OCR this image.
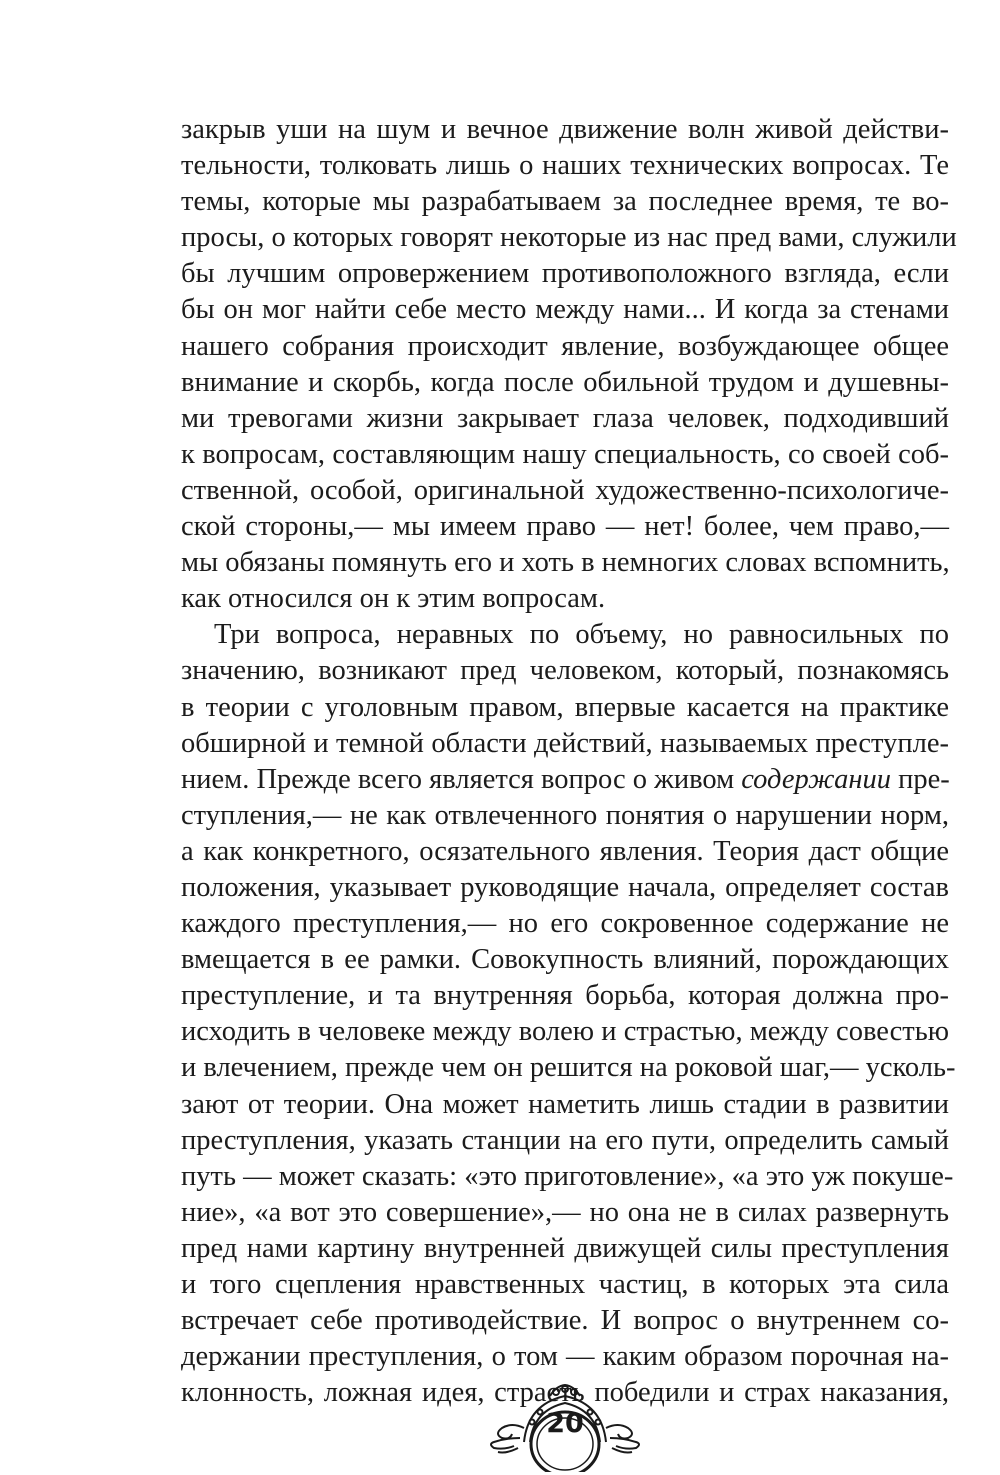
закрыв уши на шум и вечное движение волн живой действи-
тельности, толковать лишь о наших технических вопросах. Те
темы, которые мы разрабатываем за последнее время, те во-
просы, о которых говорят некоторые из нас пред вами, служили
бы лучшим опровержением противоположного взгляда, если
бы он мог найти себе место между нами... И когда за стенами
нашего собрания происходит явление, возбуждающее общее
внимание и скорбь, когда после обильной трудом и душевны-
ми тревогами жизни закрывает глаза человек, подходивший
к вопросам, составляющим нашу специальность, со своей соб-
ственной, особой, оригинальной художественно-психологиче-
ской стороны,— мы имеем право — нет! более, чем право,—
мы обязаны помянуть его и хоть в немногих словах вспомнить,
как относился он к этим вопросам.
Три вопроса, неравных по объему, но равносильных по
значению, возникают пред человеком, который, познакомясь
в теории с уголовным правом, впервые касается на практике
обширной и темной области действий, называемых преступле-
нием. Прежде всего является вопрос о живом содержании пре-
ступления,— не как отвлеченного понятия о нарушении норм,
а как конкретного, осязательного явления. Теория даст общие
положения, указывает руководящие начала, определяет состав
каждого преступления,— но его сокровенное содержание не
вмещается в ее рамки. Совокупность влияний, порождающих
преступление, и та внутренняя борьба, которая должна про-
исходить в человеке между волею и страстью, между совестью
и влечением, прежде чем он решится на роковой шаг,— усколь-
зают от теории. Она может наметить лишь стадии в развитии
преступления, указать станции на его пути, определить самый
путь — может сказать: «это приготовление», «а это уж покуше-
ние», «а вот это совершение»,— но она не в силах развернуть
пред нами картину внутренней движущей силы преступления
и того сцепления нравственных частиц, в которых эта сила
встречает себе противодействие. И вопрос о внутреннем со-
держании преступления, о том — каким образом порочная на-
клонность, ложная идея, страсть победили и страх наказания,
20
